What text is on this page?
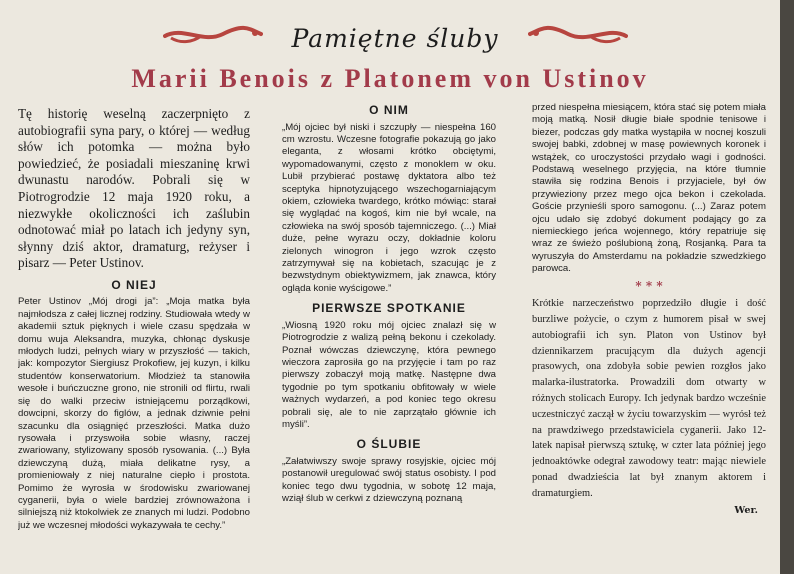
Pamiętne śluby
Marii Benois z Platonem von Ustinov

Tę historię weselną zaczerpnięto z autobiografii syna pary, o której — według słów ich potomka — można było powiedzieć, że posiadali mieszaninę krwi dwunastu narodów. Pobrali się w Piotrogrodzie 12 maja 1920 roku, a niezwykłe okoliczności ich zaślubin odnotować miał po latach ich jedyny syn, słynny dziś aktor, dramaturg, reżyser i pisarz — Peter Ustinov.

O NIEJ

Peter Ustinov „Mój drogi ja”: „Moja matka była najmłodsza z całej licznej rodziny. Studiowała wtedy w akademii sztuk pięknych i wiele czasu spędzała w domu wuja Aleksandra, muzyka, chłonąc dyskusje młodych ludzi, pełnych wiary w przyszłość — takich, jak: kompozytor Siergiusz Prokofiew, jej kuzyn, i kilku studentów konserwatorium. Młodzież ta stanowiła wesołe i buńczuczne grono, nie stronili od flirtu, rwali się do walki przeciw istniejącemu porządkowi, dowcipni, skorzy do figlów, a jednak dziwnie pełni szacunku dla osiągnięć przeszłości. Matka dużo rysowała i przyswoiła sobie własny, raczej zwariowany, stylizowany sposób rysowania. (...) Była dziewczyną dużą, miała delikatne rysy, a promieniowały z niej naturalne ciepło i prostota. Pomimo że wyrosła w środowisku zwariowanej cyganerii, była o wiele bardziej zrównoważona i silniejszą niż ktokolwiek ze znanych mi ludzi. Podobno już we wczesnej młodości wykazywała te cechy.”

O NIM

„Mój ojciec był niski i szczupły — niespełna 160 cm wzrostu. Wczesne fotografie pokazują go jako eleganta, z włosami krótko obciętymi, wypomadowanymi, często z monoklem w oku. Lubił przybierać postawę dyktatora albo też sceptyka hipnotyzującego wszechogarniającym okiem, człowieka twardego, krótko mówiąc: starał się wyglądać na kogoś, kim nie był wcale, na człowieka na swój sposób tajemniczego. (...) Miał duże, pełne wyrazu oczy, dokładnie koloru zielonych winogron i jego wzrok często zatrzymywał się na kobietach, szacując je z bezwstydnym obiektywizmem, jak znawca, który ogląda konie wyścigowe.”

PIERWSZE SPOTKANIE

„Wiosną 1920 roku mój ojciec znalazł się w Piotrogrodzie z walizą pełną bekonu i czekolady. Poznał wówczas dziewczynę, która pewnego wieczora zaprosiła go na przyjęcie i tam po raz pierwszy zobaczył moją matkę. Następne dwa tygodnie po tym spotkaniu obfitowały w wiele ważnych wydarzeń, a pod koniec tego okresu pobrali się, ale to nie zaprzątało głównie ich myśli”.

O ŚLUBIE

„Załatwiwszy swoje sprawy rosyjskie, ojciec mój postanowił uregulować swój status osobisty. I pod koniec tego dwu tygodnia, w sobotę 12 maja, wziął ślub w cerkwi z dziewczyną poznaną

przed niespełna miesiącem, która stać się potem miała moją matką. Nosił długie białe spodnie tenisowe i biezer, podczas gdy matka wystąpiła w nocnej koszuli swojej babki, zdobnej w masę powiewnych koronek i wstążek, co uroczystości przydało wagi i godności. Podstawą weselnego przyjęcia, na które tłumnie stawiła się rodzina Benois i przyjaciele, był ów przywieziony przez mego ojca bekon i czekolada. Goście przynieśli sporo samogonu. (...) Zaraz potem ojcu udało się zdobyć dokument podający go za niemieckiego jeńca wojennego, który repatriuje się wraz ze świeżo poślubioną żoną, Rosjanką. Para ta wyruszyła do Amsterdamu na pokładzie szwedzkiego parowca.

* * *

Krótkie narzeczeństwo poprzedziło długie i dość burzliwe pożycie, o czym z humorem pisał w swej autobiografii ich syn. Platon von Ustinov był dziennikarzem pracującym dla dużych agencji prasowych, ona zdobyła sobie pewien rozgłos jako malarka-ilustratorka. Prowadzili dom otwarty w różnych stolicach Europy. Ich jedynak bardzo wcześnie uczestniczyć zaczął w życiu towarzyskim — wyrósł też na prawdziwego przedstawiciela cyganerii. Jako 12-latek napisał pierwszą sztukę, w czter lata później jego jednoaktówke odegrał zawodowy teatr: mając niewiele ponad dwadzieścia lat był znanym aktorem i dramaturgiem.

Wer.
